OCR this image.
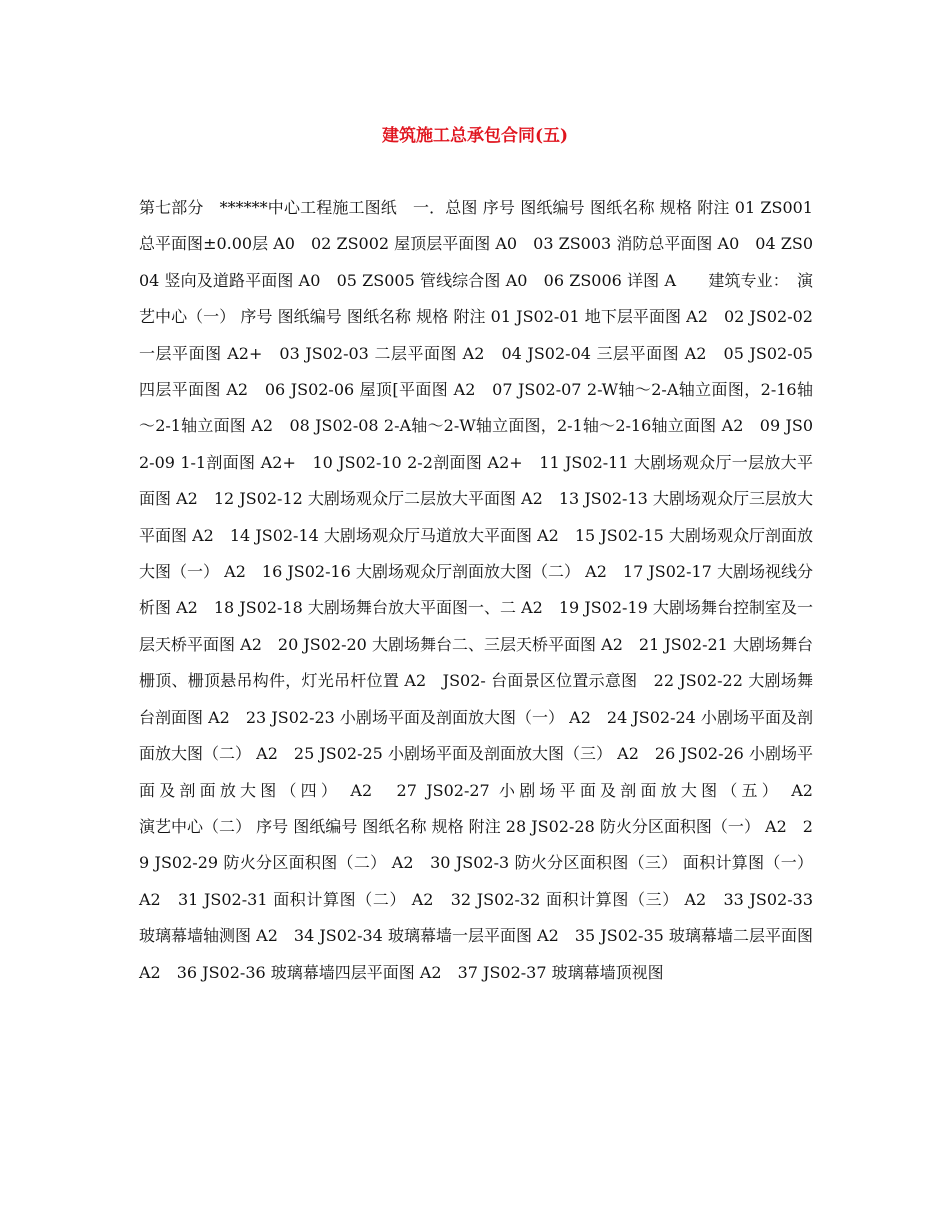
建筑施工总承包合同(五)

第七部分　******中心工程施工图纸　一．总图 序号 图纸编号 图纸名称 规格 附注 01 ZS001 总平面图±0.00层 A0　02 ZS002 屋顶层平面图 A0　03 ZS003 消防总平面图 A0　04 ZS004 竖向及道路平面图 A0　05 ZS005 管线综合图 A0　06 ZS006 详图 A　　建筑专业：　演艺中心（一） 序号 图纸编号 图纸名称 规格 附注 01 JS02-01 地下层平面图 A2　02 JS02-02 一层平面图 A2+　03 JS02-03 二层平面图 A2　04 JS02-04 三层平面图 A2　05 JS02-05 四层平面图 A2　06 JS02-06 屋顶[平面图 A2　07 JS02-07 2-W轴～2-A轴立面图，2-16轴～2-1轴立面图 A2　08 JS02-08 2-A轴～2-W轴立面图，2-1轴～2-16轴立面图 A2　09 JS02-09 1-1剖面图 A2+　10 JS02-10 2-2剖面图 A2+　11 JS02-11 大剧场观众厅一层放大平面图 A2　12 JS02-12 大剧场观众厅二层放大平面图 A2　13 JS02-13 大剧场观众厅三层放大平面图 A2　14 JS02-14 大剧场观众厅马道放大平面图 A2　15 JS02-15 大剧场观众厅剖面放大图（一） A2　16 JS02-16 大剧场观众厅剖面放大图（二） A2　17 JS02-17 大剧场视线分析图 A2　18 JS02-18 大剧场舞台放大平面图一、二 A2　19 JS02-19 大剧场舞台控制室及一层天桥平面图 A2　20 JS02-20 大剧场舞台二、三层天桥平面图 A2　21 JS02-21 大剧场舞台栅顶、栅顶悬吊构件，灯光吊杆位置 A2　JS02- 台面景区位置示意图　22 JS02-22 大剧场舞台剖面图 A2　23 JS02-23 小剧场平面及剖面放大图（一） A2　24 JS02-24 小剧场平面及剖面放大图（二） A2　25 JS02-25 小剧场平面及剖面放大图（三） A2　26 JS02-26 小剧场平面及剖面放大图（四） A2　27 JS02-27 小剧场平面及剖面放大图（五） A2　　　　　　　演艺中心（二） 序号 图纸编号 图纸名称 规格 附注 28 JS02-28 防火分区面积图（一） A2　29 JS02-29 防火分区面积图（二） A2　30 JS02-3 防火分区面积图（三） 面积计算图（一） A2　31 JS02-31 面积计算图（二） A2　32 JS02-32 面积计算图（三） A2　33 JS02-33 玻璃幕墙轴测图 A2　34 JS02-34 玻璃幕墙一层平面图 A2　35 JS02-35 玻璃幕墙二层平面图 A2　36 JS02-36 玻璃幕墙四层平面图 A2　37 JS02-37 玻璃幕墙顶视图
